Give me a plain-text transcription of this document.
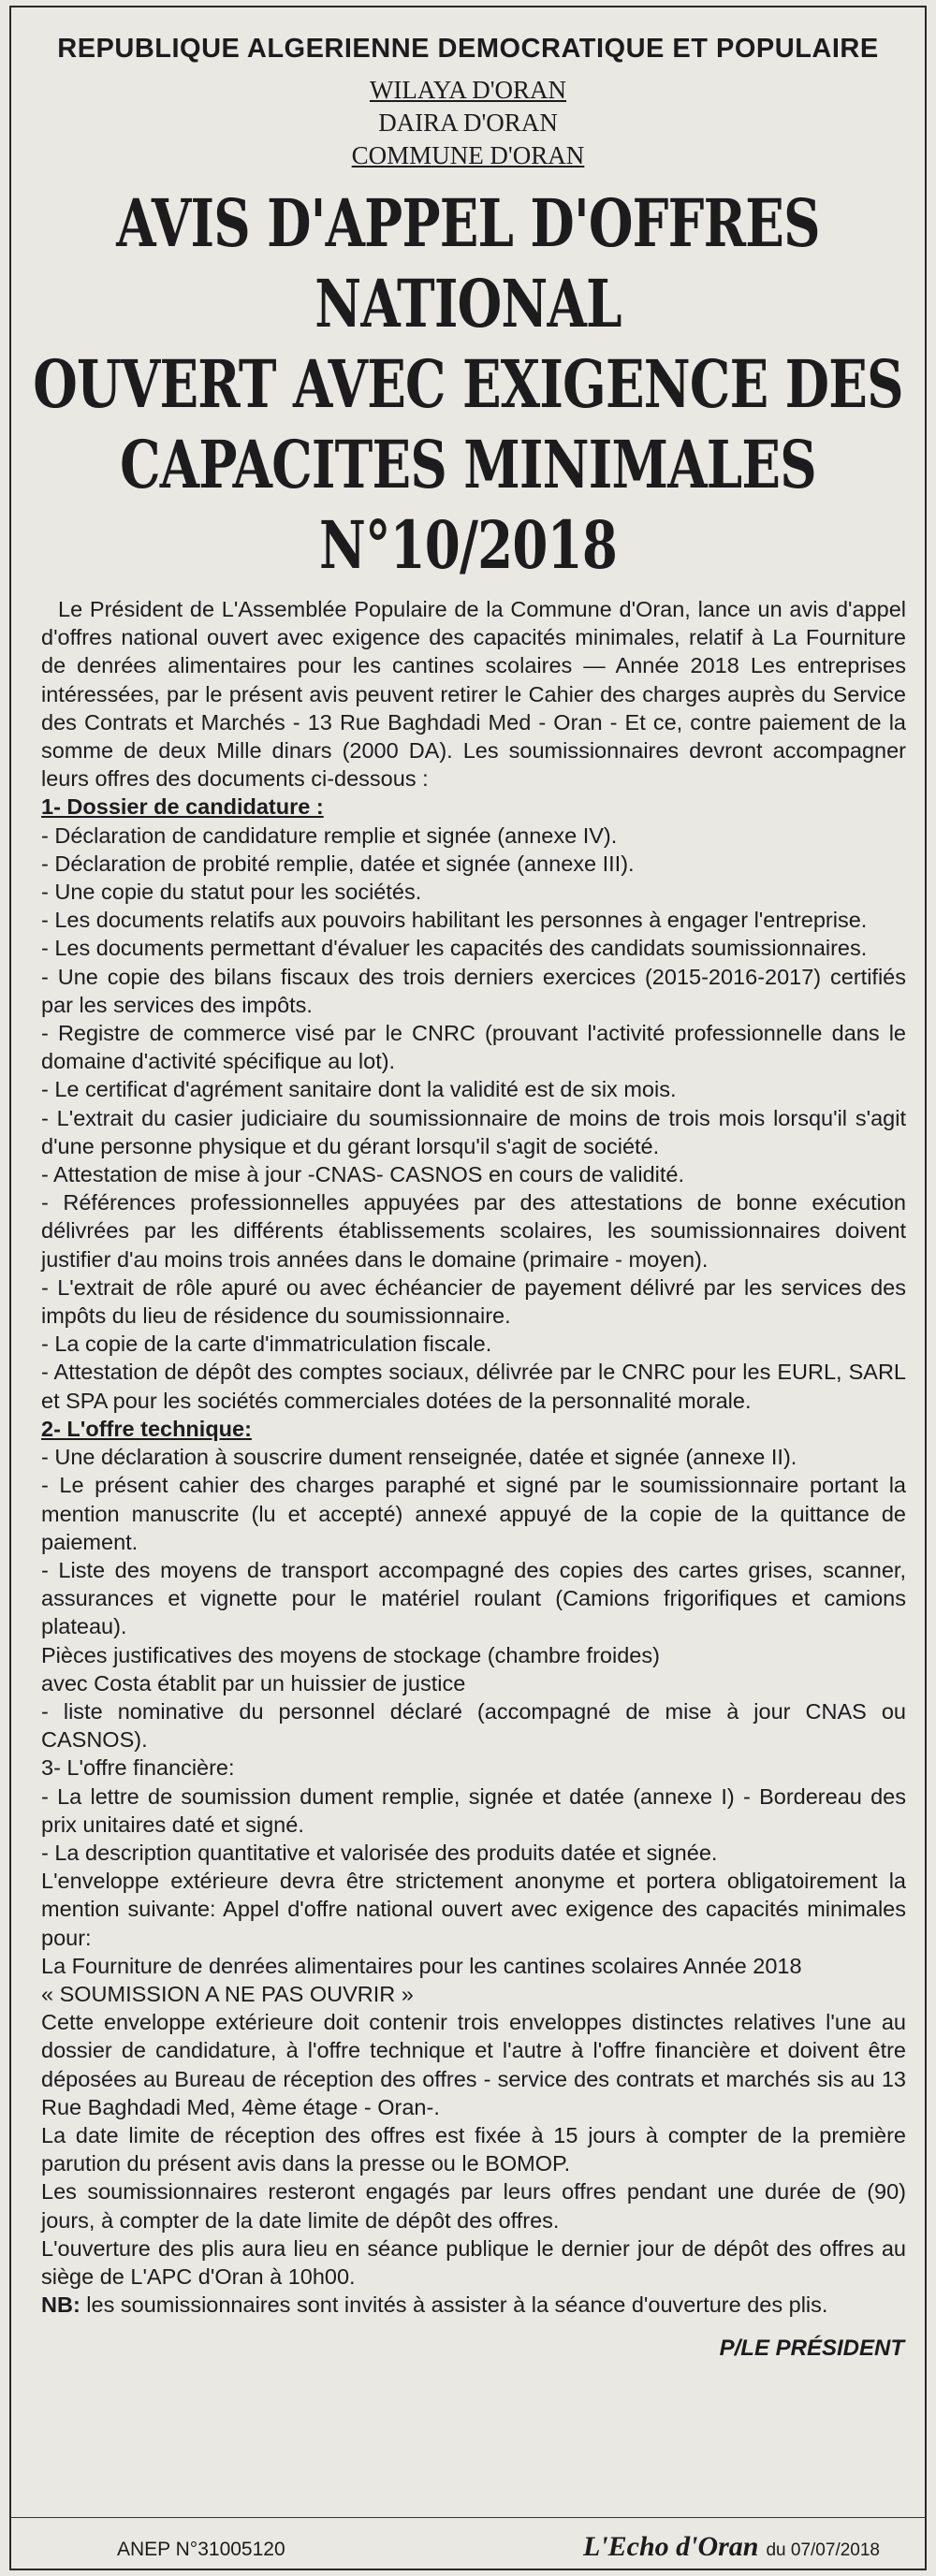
REPUBLIQUE ALGERIENNE DEMOCRATIQUE ET POPULAIRE
WILAYA D'ORAN
DAIRA D'ORAN
COMMUNE D'ORAN
AVIS D'APPEL D'OFFRES NATIONAL
OUVERT AVEC EXIGENCE DES
CAPACITES MINIMALES N°10/2018

Le Président de L'Assemblée Populaire de la Commune d'Oran, lance un avis d'appel d'offres national ouvert avec exigence des capacités minimales, relatif à La Fourniture de denrées alimentaires pour les cantines scolaires — Année 2018 Les entreprises intéressées, par le présent avis peuvent retirer le Cahier des charges auprès du Service des Contrats et Marchés - 13 Rue Baghdadi Med - Oran - Et ce, contre paiement de la somme de deux Mille dinars (2000 DA). Les soumissionnaires devront accompagner leurs offres des documents ci-dessous :

1- Dossier de candidature :

- Déclaration de candidature remplie et signée (annexe IV).

- Déclaration de probité remplie, datée et signée (annexe III).

- Une copie du statut pour les sociétés.

- Les documents relatifs aux pouvoirs habilitant les personnes à engager l'entreprise.

- Les documents permettant d'évaluer les capacités des candidats soumissionnaires.

- Une copie des bilans fiscaux des trois derniers exercices (2015-2016-2017) certifiés par les services des impôts.

- Registre de commerce visé par le CNRC (prouvant l'activité professionnelle dans le domaine d'activité spécifique au lot).

- Le certificat d'agrément sanitaire dont la validité est de six mois.

- L'extrait du casier judiciaire du soumissionnaire de moins de trois mois lorsqu'il s'agit d'une personne physique et du gérant lorsqu'il s'agit de société.

- Attestation de mise à jour -CNAS- CASNOS en cours de validité.

- Références professionnelles appuyées par des attestations de bonne exécution délivrées par les différents établissements scolaires, les soumissionnaires doivent justifier d'au moins trois années dans le domaine (primaire - moyen).

- L'extrait de rôle apuré ou avec échéancier de payement délivré par les services des impôts du lieu de résidence du soumissionnaire.

- La copie de la carte d'immatriculation fiscale.

- Attestation de dépôt des comptes sociaux, délivrée par le CNRC pour les EURL, SARL et SPA pour les sociétés commerciales dotées de la personnalité morale.

2- L'offre technique:

- Une déclaration à souscrire dument renseignée, datée et signée (annexe II).

- Le présent cahier des charges paraphé et signé par le soumissionnaire portant la mention manuscrite (lu et accepté) annexé appuyé de la copie de la quittance de paiement.

- Liste des moyens de transport accompagné des copies des cartes grises, scanner, assurances et vignette pour le matériel roulant (Camions frigorifiques et camions plateau).

Pièces justificatives des moyens de stockage (chambre froides)

avec Costa établit par un huissier de justice

- liste nominative du personnel déclaré (accompagné de mise à jour CNAS ou CASNOS).

3- L'offre financière:

- La lettre de soumission dument remplie, signée et datée (annexe I) - Bordereau des prix unitaires daté et signé.

- La description quantitative et valorisée des produits datée et signée.

L'enveloppe extérieure devra être strictement anonyme et portera obligatoirement la mention suivante: Appel d'offre national ouvert avec exigence des capacités minimales pour:

La Fourniture de denrées alimentaires pour les cantines scolaires Année 2018

« SOUMISSION A NE PAS OUVRIR »

Cette enveloppe extérieure doit contenir trois enveloppes distinctes relatives l'une au dossier de candidature, à l'offre technique et l'autre à l'offre financière et doivent être déposées au Bureau de réception des offres - service des contrats et marchés sis au 13 Rue Baghdadi Med, 4ème étage - Oran-.

La date limite de réception des offres est fixée à 15 jours à compter de la première parution du présent avis dans la presse ou le BOMOP.

Les soumissionnaires resteront engagés par leurs offres pendant une durée de (90) jours, à compter de la date limite de dépôt des offres.

L'ouverture des plis aura lieu en séance publique le dernier jour de dépôt des offres au siège de L'APC d'Oran à 10h00.

NB: les soumissionnaires sont invités à assister à la séance d'ouverture des plis.

P/LE PRÉSIDENT
ANEP N°31005120	L'Echo d'Oran du 07/07/2018
